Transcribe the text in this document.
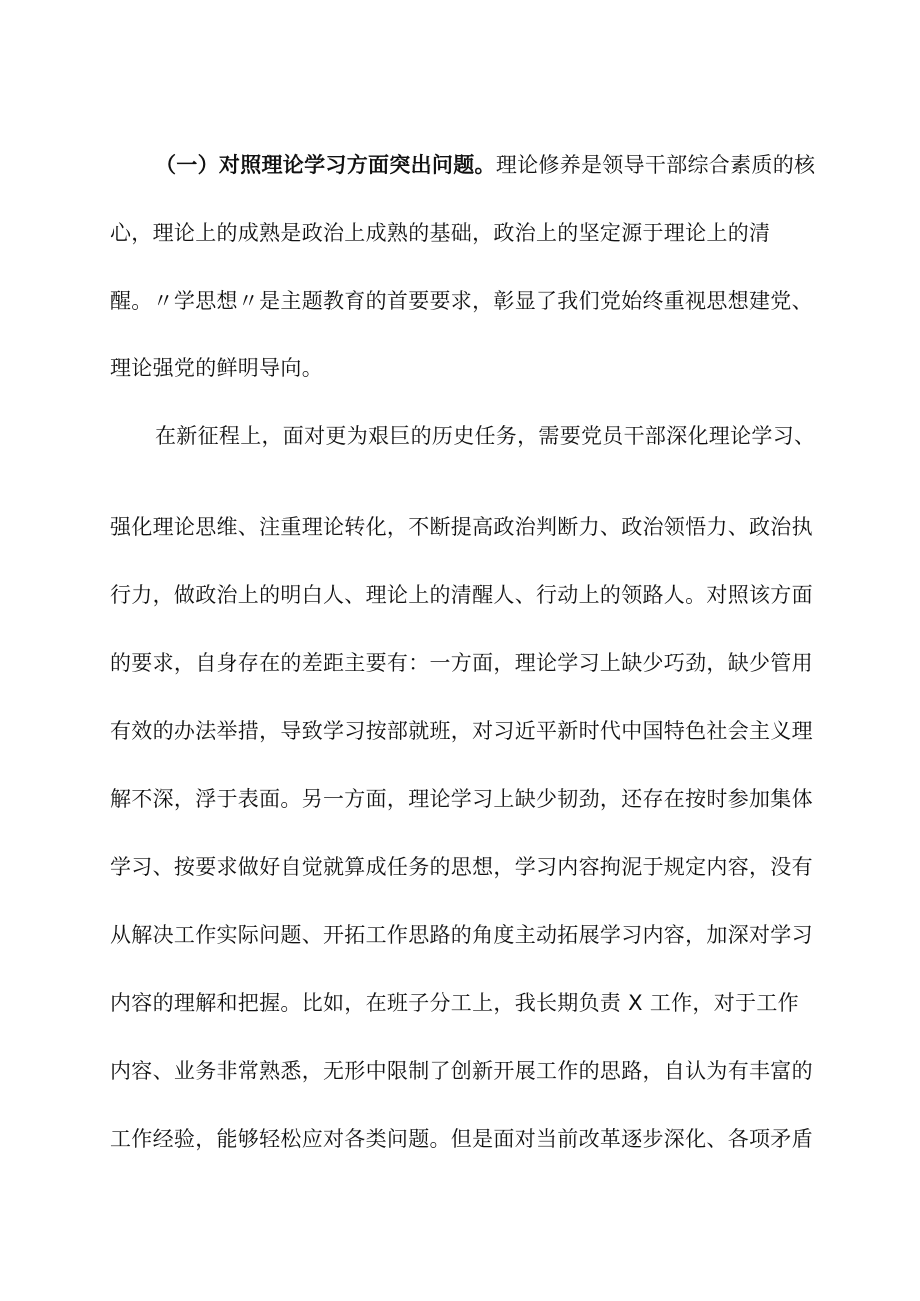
（一）对照理论学习方面突出问题。理论修养是领导干部综合素质的核
心，理论上的成熟是政治上成熟的基础，政治上的坚定源于理论上的清
醒。〃学思想〃是主题教育的首要要求，彰显了我们党始终重视思想建党、
理论强党的鲜明导向。
在新征程上，面对更为艰巨的历史任务，需要党员干部深化理论学习、
强化理论思维、注重理论转化，不断提高政治判断力、政治领悟力、政治执
行力，做政治上的明白人、理论上的清醒人、行动上的领路人。对照该方面
的要求，自身存在的差距主要有：一方面，理论学习上缺少巧劲，缺少管用
有效的办法举措，导致学习按部就班，对习近平新时代中国特色社会主义理
解不深，浮于表面。另一方面，理论学习上缺少韧劲，还存在按时参加集体
学习、按要求做好自觉就算成任务的思想，学习内容拘泥于规定内容，没有
从解决工作实际问题、开拓工作思路的角度主动拓展学习内容，加深对学习
内容的理解和把握。比如，在班子分工上，我长期负责 X 工作，对于工作
内容、业务非常熟悉，无形中限制了创新开展工作的思路，自认为有丰富的
工作经验，能够轻松应对各类问题。但是面对当前改革逐步深化、各项矛盾
